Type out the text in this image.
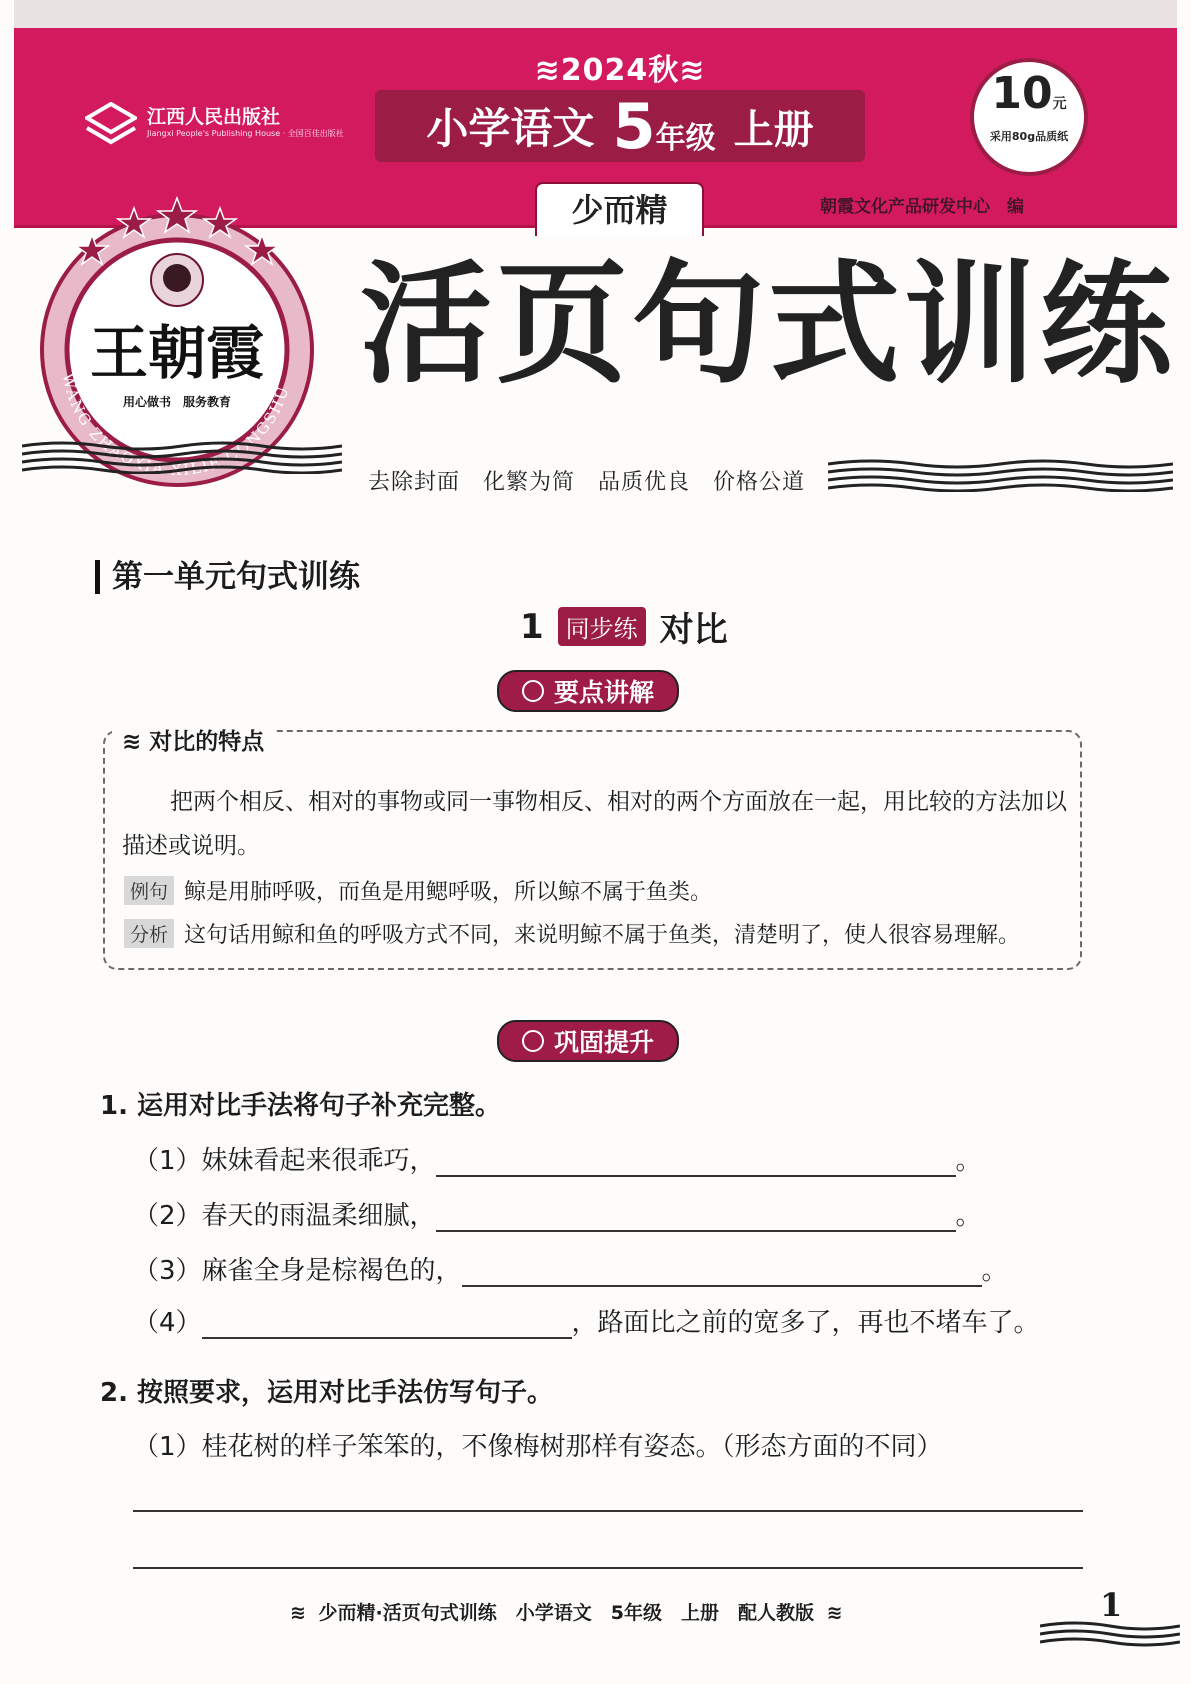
江西人民出版社
Jiangxi People's Publishing House · 全国百佳出版社
≋2024秋≋
小学语文 5年级 上册
10元
采用80g品质纸
朝霞文化产品研发中心　编
少而精
王朝霞
用心做书　服务教育
WANG ZHAOXIA XILIE CONGSHU 活页句式训练
去除封面　化繁为简　品质优良　价格公道
第一单元句式训练
1 同步练 对比
要点讲解
≋ 对比的特点
把两个相反、相对的事物或同一事物相反、相对的两个方面放在一起，用比较的方法加以描述或说明。
例句 鲸是用肺呼吸，而鱼是用鳃呼吸，所以鲸不属于鱼类。
分析 这句话用鲸和鱼的呼吸方式不同，来说明鲸不属于鱼类，清楚明了，使人很容易理解。
巩固提升
1. 运用对比手法将句子补充完整。
（1）妹妹看起来很乖巧，	。
（2）春天的雨温柔细腻，	。
（3）麻雀全身是棕褐色的，	。
（4）	，路面比之前的宽多了，再也不堵车了。
2. 按照要求，运用对比手法仿写句子。
（1）桂花树的样子笨笨的，不像梅树那样有姿态。（形态方面的不同）
≋ 少而精·活页句式训练　小学语文　5年级　上册　配人教版 ≋	1
